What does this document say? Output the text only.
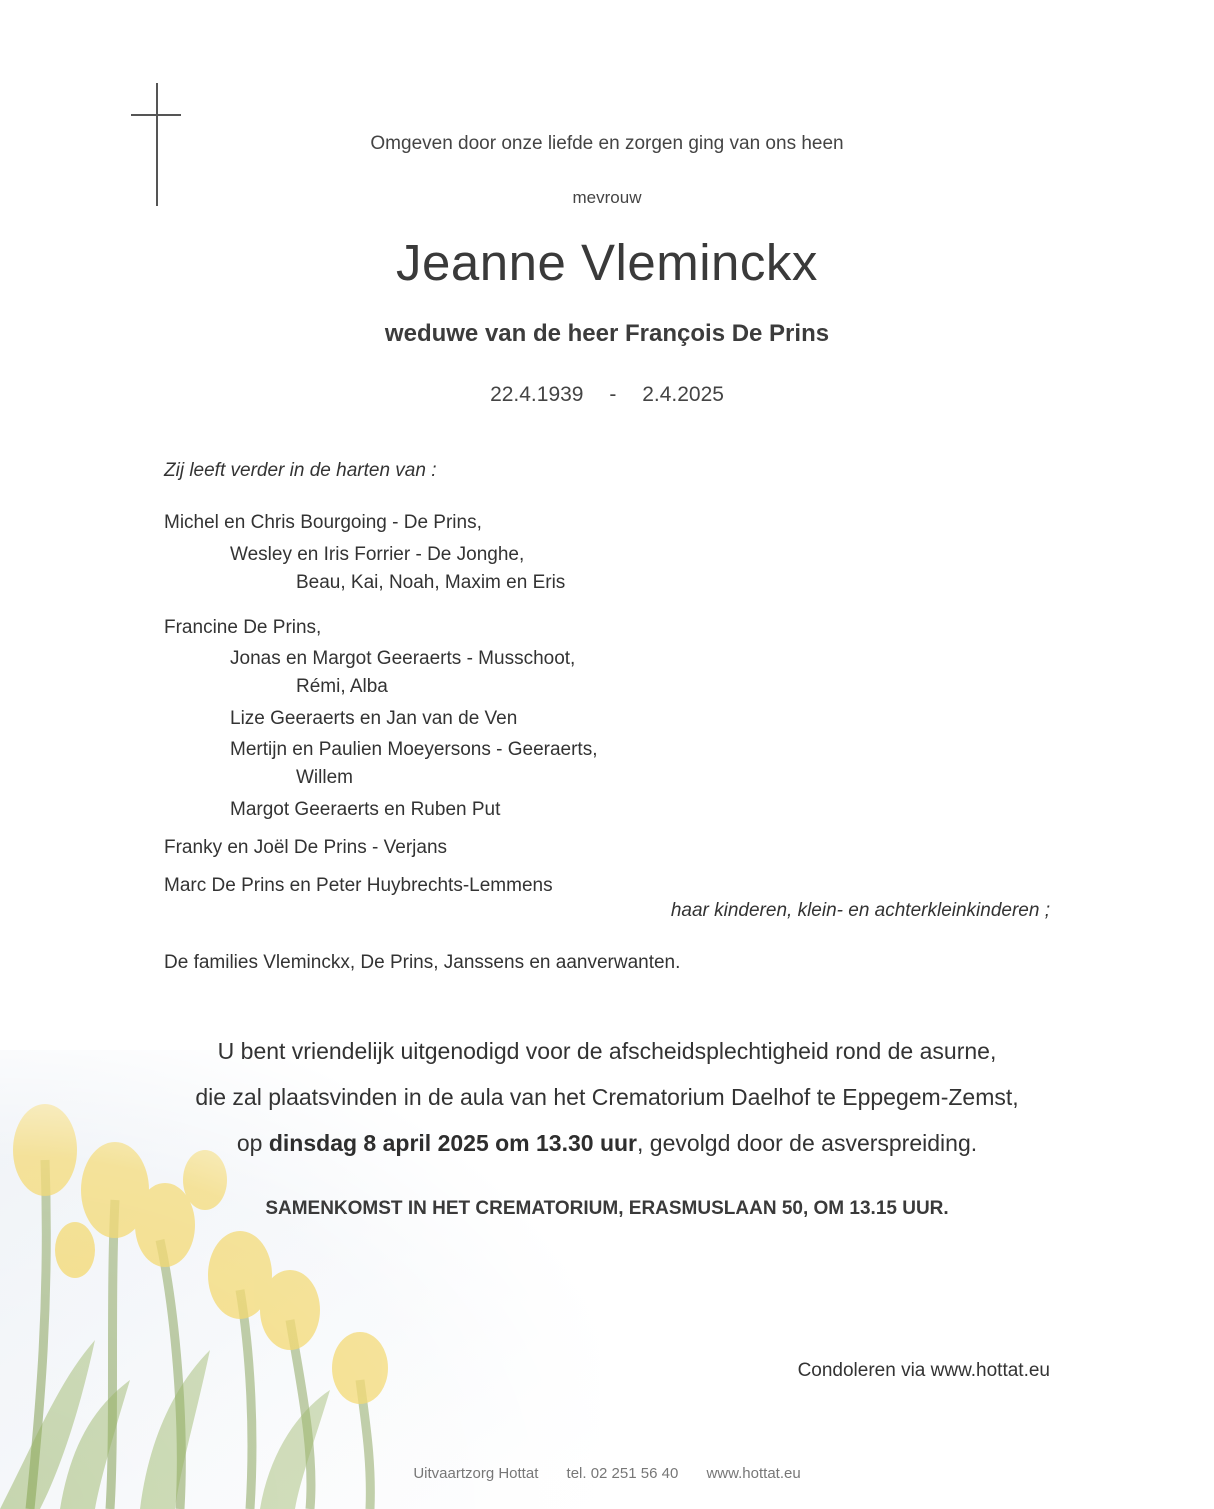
Omgeven door onze liefde en zorgen ging van ons heen
mevrouw
Jeanne Vleminckx
weduwe van de heer François De Prins
22.4.1939 - 2.4.2025
Zij leeft verder in de harten van :
Michel en Chris Bourgoing - De Prins,
Wesley en Iris Forrier - De Jonghe,
Beau, Kai, Noah, Maxim en Eris
Francine De Prins,
Jonas en Margot Geeraerts - Musschoot,
Rémi, Alba
Lize Geeraerts en Jan van de Ven
Mertijn en Paulien Moeyersons - Geeraerts,
Willem
Margot Geeraerts en Ruben Put
Franky en Joël De Prins - Verjans
Marc De Prins en Peter Huybrechts-Lemmens
haar kinderen, klein- en achterkleinkinderen ;
De families Vleminckx, De Prins, Janssens en aanverwanten.
U bent vriendelijk uitgenodigd voor de afscheidsplechtigheid rond de asurne,
die zal plaatsvinden in de aula van het Crematorium Daelhof te Eppegem-Zemst,
op dinsdag 8 april 2025 om 13.30 uur, gevolgd door de asverspreiding.
SAMENKOMST IN HET CREMATORIUM, ERASMUSLAAN 50, OM 13.15 UUR.
Condoleren via www.hottat.eu
Uitvaartzorg Hottat tel. 02 251 56 40 www.hottat.eu
